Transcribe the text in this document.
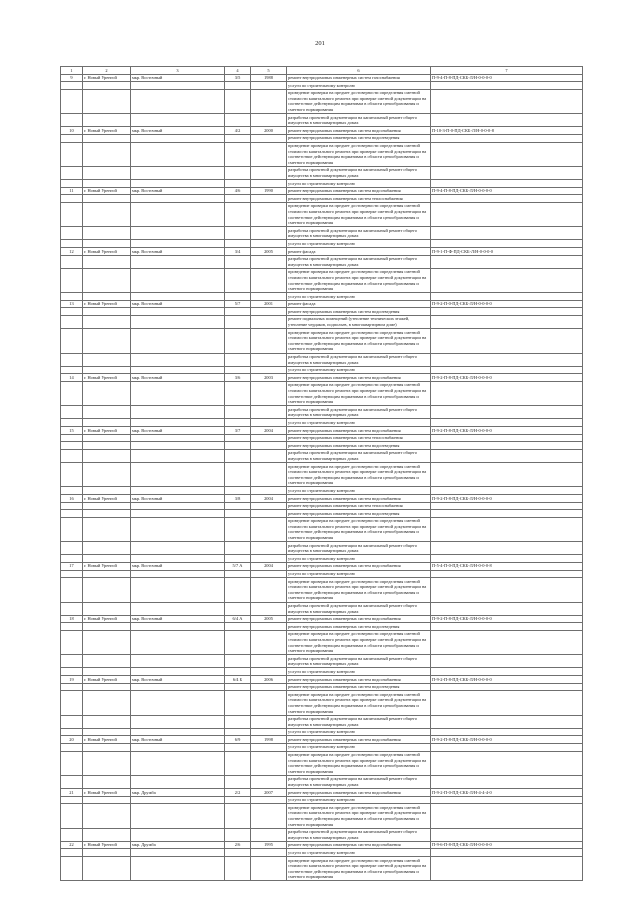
201
1	2	3	4	5	6	7
9	г. Новый Уренгой	мкр. Восточный	3/5	1988	ремонт внутридомовых инженерных систем газоснабжения	П-9-4-П-8-ПД-СКБ-Л/Н-0-0-0-0
					услуги по строительному контролю	
					проведение проверки на предмет достоверности определения сметной стоимости капитального ремонта при проверке сметной документации на соответствие действующим нормативам в области ценообразования и сметного нормирования	
					разработка проектной документации на капитальный ремонт общего имущества в многоквартирных домах	
10	г. Новый Уренгой	мкр. Восточный	4/2	2000	ремонт внутридомовых инженерных систем водоснабжения	П-10-3-П-0-ПД-СКБ-Л/Н-0-0-0-8
					ремонт внутридомовых инженерных систем водоотведения	
					проведение проверки на предмет достоверности определения сметной стоимости капитального ремонта при проверке сметной документации на соответствие действующим нормативам в области ценообразования и сметного нормирования	
					разработка проектной документации на капитальный ремонт общего имущества в многоквартирных домах	
					услуги по строительному контролю	
11	г. Новый Уренгой	мкр. Восточный	4/6	1990	ремонт внутридомовых инженерных систем водоснабжения	П-9-4-П-8-ПД-СКБ-Л/Н-0-0-0-0
					ремонт внутридомовых инженерных систем теплоснабжения	
					проведение проверки на предмет достоверности определения сметной стоимости капитального ремонта при проверке сметной документации на соответствие действующим нормативам в области ценообразования и сметного нормирования	
					разработка проектной документации на капитальный ремонт общего имущества в многоквартирных домах	
					услуги по строительному контролю	
12	г. Новый Уренгой	мкр. Восточный	3/4	2005	ремонт фасада	П-9-1-П-Ф-ПД-СКБ-Л/Н-0-0-0-0
					разработка проектной документации на капитальный ремонт общего имущества в многоквартирных домах	
					проведение проверки на предмет достоверности определения сметной стоимости капитального ремонта при проверке сметной документации на соответствие действующим нормативам в области ценообразования и сметного нормирования	
					услуги по строительному контролю	
13	г. Новый Уренгой	мкр. Восточный	5/7	2001	ремонт фасада	П-9-2-П-0-ПД-СКБ-Л/Н-0-0-0-0
					ремонт внутридомовых инженерных систем водоотведения	
					ремонт подвальных помещений (утепление технических этажей, утепление чердаков, подпольев, в многоквартирном доме)	
					проведение проверки на предмет достоверности определения сметной стоимости капитального ремонта при проверке сметной документации на соответствие действующим нормативам в области ценообразования и сметного нормирования	
					разработка проектной документации на капитальный ремонт общего имущества в многоквартирных домах	
					услуги по строительному контролю	
14	г. Новый Уренгой	мкр. Восточный	3/6	2003	ремонт внутридомовых инженерных систем водоснабжения	П-9-2-П-8-ПД-СКБ-Л/Н-0-0-0-0
					проведение проверки на предмет достоверности определения сметной стоимости капитального ремонта при проверке сметной документации на соответствие действующим нормативам в области ценообразования и сметного нормирования	
					разработка проектной документации на капитальный ремонт общего имущества в многоквартирных домах	
					услуги по строительному контролю	
15	г. Новый Уренгой	мкр. Восточный	3/7	2004	ремонт внутридомовых инженерных систем водоснабжения	П-9-2-П-8-ПД-СКБ-Л/Н-0-0-0-0
					ремонт внутридомовых инженерных систем теплоснабжения	
					ремонт внутридомовых инженерных систем водоотведения	
					разработка проектной документации на капитальный ремонт общего имущества в многоквартирных домах	
					проведение проверки на предмет достоверности определения сметной стоимости капитального ремонта при проверке сметной документации на соответствие действующим нормативам в области ценообразования и сметного нормирования	
					услуги по строительному контролю	
16	г. Новый Уренгой	мкр. Восточный	3/8	2004	ремонт внутридомовых инженерных систем водоснабжения	П-9-2-П-8-ПД-СКБ-Л/Н-0-0-0-0
					ремонт внутридомовых инженерных систем теплоснабжения	
					ремонт внутридомовых инженерных систем водоотведения	
					проведение проверки на предмет достоверности определения сметной стоимости капитального ремонта при проверке сметной документации на соответствие действующим нормативам в области ценообразования и сметного нормирования	
					разработка проектной документации на капитальный ремонт общего имущества в многоквартирных домах	
					услуги по строительному контролю	
17	г. Новый Уренгой	мкр. Восточный	5/7 А	2004	ремонт внутридомовых инженерных систем водоснабжения	П-5-4-П-0-ПД-СКБ-Л/Н-0-0-0-8
					услуги по строительному контролю	
					проведение проверки на предмет достоверности определения сметной стоимости капитального ремонта при проверке сметной документации на соответствие действующим нормативам в области ценообразования и сметного нормирования	
					разработка проектной документации на капитальный ремонт общего имущества в многоквартирных домах	
18	г. Новый Уренгой	мкр. Восточный	6/4 А	2005	ремонт внутридомовых инженерных систем водоснабжения	П-9-2-П-8-ПД-СКБ-Л/Н-0-0-0-0
					ремонт внутридомовых инженерных систем водоотведения	
					проведение проверки на предмет достоверности определения сметной стоимости капитального ремонта при проверке сметной документации на соответствие действующим нормативам в области ценообразования и сметного нормирования	
					разработка проектной документации на капитальный ремонт общего имущества в многоквартирных домах	
					услуги по строительному контролю	
19	г. Новый Уренгой	мкр. Восточный	6/4 Б	2006	ремонт внутридомовых инженерных систем водоснабжения	П-9-2-П-8-ПД-СКБ-Л/Н-0-0-0-0
					ремонт внутридомовых инженерных систем водоотведения	
					проведение проверки на предмет достоверности определения сметной стоимости капитального ремонта при проверке сметной документации на соответствие действующим нормативам в области ценообразования и сметного нормирования	
					разработка проектной документации на капитальный ремонт общего имущества в многоквартирных домах	
					услуги по строительному контролю	
20	г. Новый Уренгой	мкр. Восточный	6/9	1998	ремонт внутридомовых инженерных систем водоснабжения	П-9-2-П-8-ПД-СКБ-Л/Н-0-0-0-0
					услуги по строительному контролю	
					проведение проверки на предмет достоверности определения сметной стоимости капитального ремонта при проверке сметной документации на соответствие действующим нормативам в области ценообразования и сметного нормирования	
					разработка проектной документации на капитальный ремонт общего имущества в многоквартирных домах	
21	г. Новый Уренгой	мкр. Дружба	2/2	2007	ремонт внутридомовых инженерных систем водоснабжения	П-9-2-П-0-ПД-СКБ-Л/Н-4-4-4-0
					услуги по строительному контролю	
					проведение проверки на предмет достоверности определения сметной стоимости капитального ремонта при проверке сметной документации на соответствие действующим нормативам в области ценообразования и сметного нормирования	
					разработка проектной документации на капитальный ремонт общего имущества в многоквартирных домах	
22	г. Новый Уренгой	мкр. Дружба	2/6	1995	ремонт внутридомовых инженерных систем водоснабжения	П-9-6-П-8-ПД-СКБ-Л/Н-0-0-0-0
					услуги по строительному контролю	
					проведение проверки на предмет достоверности определения сметной стоимости капитального ремонта при проверке сметной документации на соответствие действующим нормативам в области ценообразования и сметного нормирования	
